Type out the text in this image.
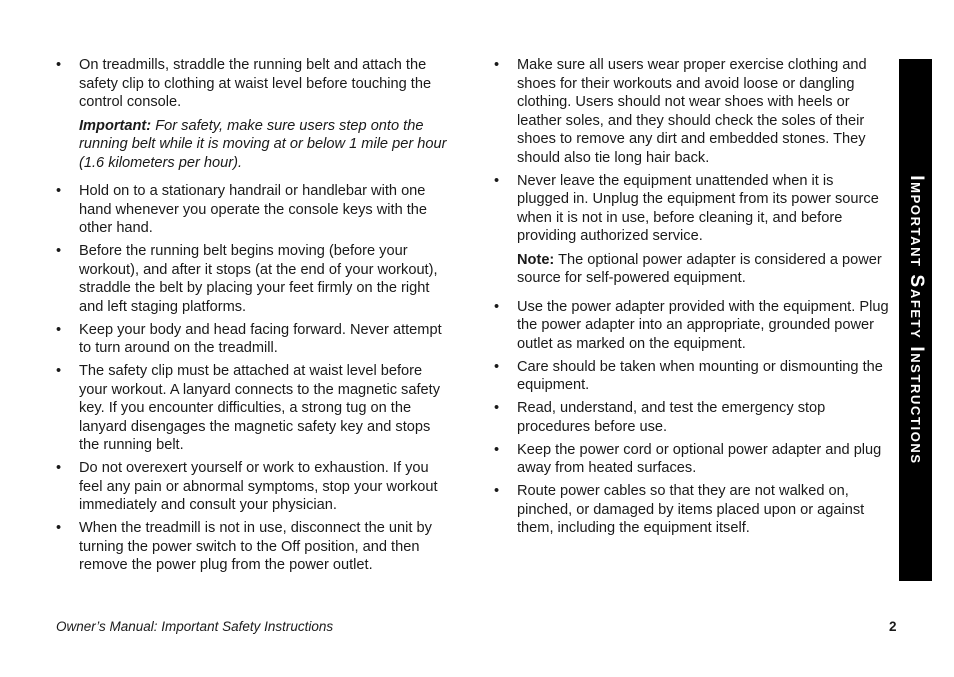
•	On treadmills, straddle the running belt and attach the safety clip to clothing at waist level before touching the control console.
Important: For safety, make sure users step onto the running belt while it is moving at or below 1 mile per hour (1.6 kilometers per hour).
•	Hold on to a stationary handrail or handlebar with one hand whenever you operate the console keys with the other hand.
•	Before the running belt begins moving (before your workout), and after it stops (at the end of your workout), straddle the belt by placing your feet firmly on the right and left staging platforms.
•	Keep your body and head facing forward. Never attempt to turn around on the treadmill.
•	The safety clip must be attached at waist level before your workout. A lanyard connects to the magnetic safety key. If you encounter difficulties, a strong tug on the lanyard disengages the magnetic safety key and stops the running belt.
•	Do not overexert yourself or work to exhaustion. If you feel any pain or abnormal symptoms, stop your workout immediately and consult your physician.
•	When the treadmill is not in use, disconnect the unit by turning the power switch to the Off position, and then remove the power plug from the power outlet.
•	Make sure all users wear proper exercise clothing and shoes for their workouts and avoid loose or dangling clothing. Users should not wear shoes with heels or leather soles, and they should check the soles of their shoes to remove any dirt and embedded stones. They should also tie long hair back.
•	Never leave the equipment unattended when it is plugged in. Unplug the equipment from its power source when it is not in use, before cleaning it, and before providing authorized service.
Note: The optional power adapter is considered a power source for self-powered equipment.
•	Use the power adapter provided with the equipment. Plug the power adapter into an appropriate, grounded power outlet as marked on the equipment.
•	Care should be taken when mounting or dismounting the equipment.
•	Read, understand, and test the emergency stop procedures before use.
•	Keep the power cord or optional power adapter and plug away from heated surfaces.
•	Route power cables so that they are not walked on, pinched, or damaged by items placed upon or against them, including the equipment itself.
Important Safety Instructions
Owner’s Manual: Important Safety Instructions	2
